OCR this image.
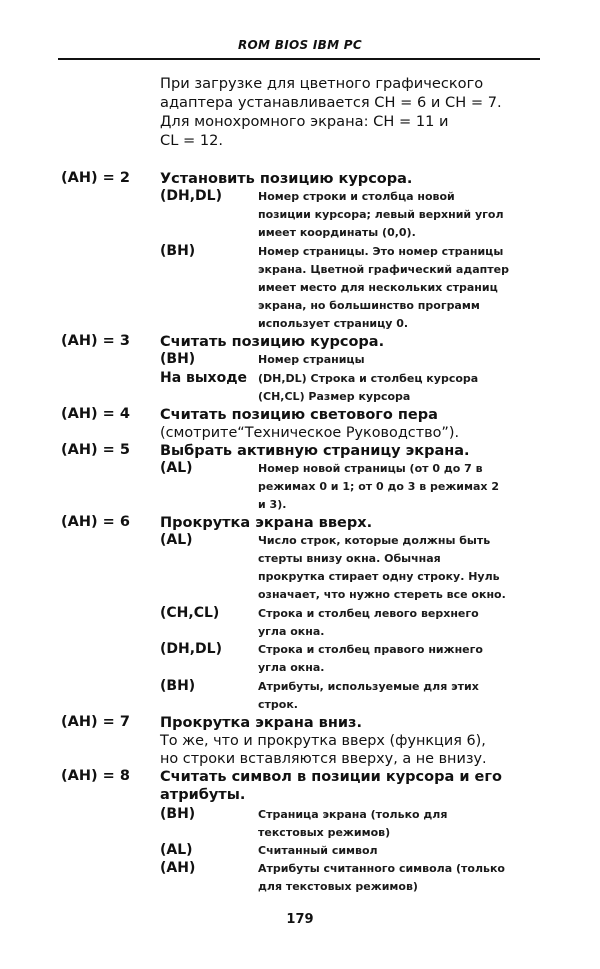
ROM BIOS IBM PC
При загрузке для цветного графического
адаптера устанавливается CH = 6 и CH = 7.
Для монохромного экрана: CH = 11 и
CL = 12.
(AH) = 2 Установить позицию курсора.
(DH,DL)	Номер строки и столбца новой
позиции курсора; левый верхний угол
имеет координаты (0,0).
(BH)	Номер страницы. Это номер страницы
экрана. Цветной графический адаптер
имеет место для нескольких страниц
экрана, но большинство программ
использует страницу 0.
(AH) = 3 Считать позицию курсора.
(BH)	Номер страницы
На выходе (DH,DL) Строка и столбец курсора
(CH,CL) Размер курсора
(AH) = 4 Считать позицию светового пера
(смотрите“Техническое Руководство”).
(AH) = 5 Выбрать активную страницу экрана.
(AL)	Номер новой страницы (от 0 до 7 в
режимах 0 и 1; от 0 до 3 в режимах 2
и 3).
(AH) = 6 Прокрутка экрана вверх.
(AL)	Число строк, которые должны быть
стерты внизу окна. Обычная
прокрутка стирает одну строку. Нуль
означает, что нужно стереть все окно.
(CH,CL)	Строка и столбец левого верхнего
угла окна.
(DH,DL)	Строка и столбец правого нижнего
угла окна.
(BH)	Атрибуты, используемые для этих
строк.
(AH) = 7 Прокрутка экрана вниз.
То же, что и прокрутка вверх (функция 6),
но строки вставляются вверху, а не внизу.
(AH) = 8 Считать символ в позиции курсора и его
атрибуты.
(BH)	Страница экрана (только для
текстовых режимов)
(AL)	Считанный символ
(AH)	Атрибуты считанного символа (только
для текстовых режимов)
179
